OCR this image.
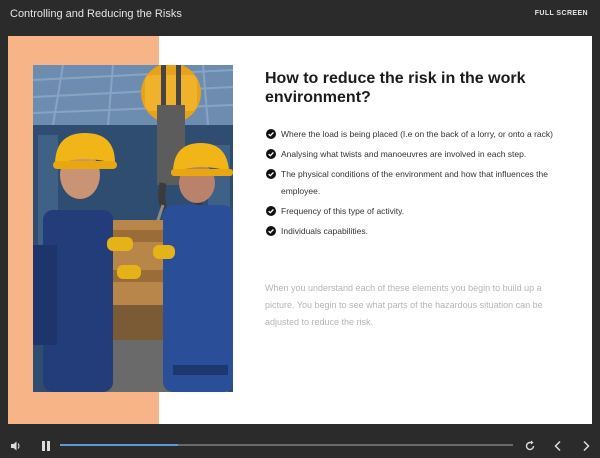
Controlling and Reducing the Risks	FULL SCREEN
How to reduce the risk in the work environment?
Where the load is being placed (I.e on the back of a lorry, or onto a rack)
Analysing what twists and manoeuvres are involved in each step.
The physical conditions of the environment and how that influences the employee.
Frequency of this type of activity.
Individuals capabilities.
When you understand each of these elements you begin to build up a picture. You begin to see what parts of the hazardous situation can be adjusted to reduce the risk.
